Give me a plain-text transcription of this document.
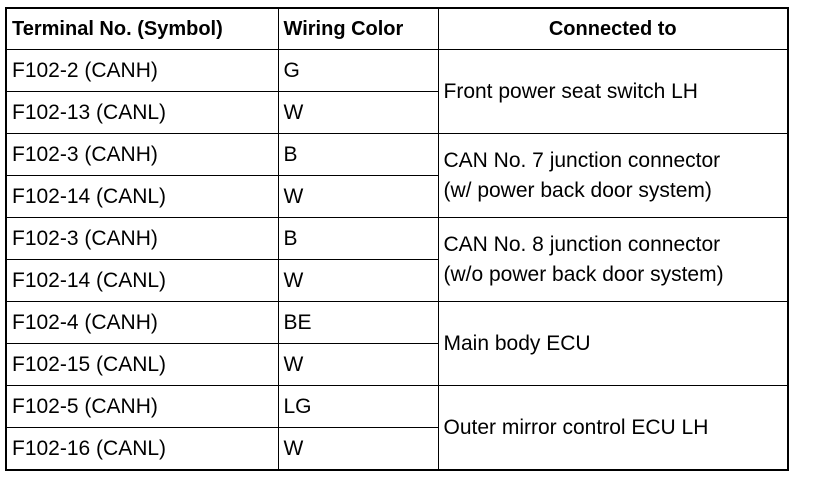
Terminal No. (Symbol)	Wiring Color	Connected to
F102-2 (CANH)	G	Front power seat switch LH

F102-13 (CANL)	W	
F102-3 (CANH)	B	CAN No. 7 junction connector
(w/ power back door system)

F102-14 (CANL)	W	
F102-3 (CANH)	B	CAN No. 8 junction connector
(w/o power back door system)

F102-14 (CANL)	W	
F102-4 (CANH)	BE	Main body ECU

F102-15 (CANL)	W	
F102-5 (CANH)	LG	Outer mirror control ECU LH

F102-16 (CANL)	W	
